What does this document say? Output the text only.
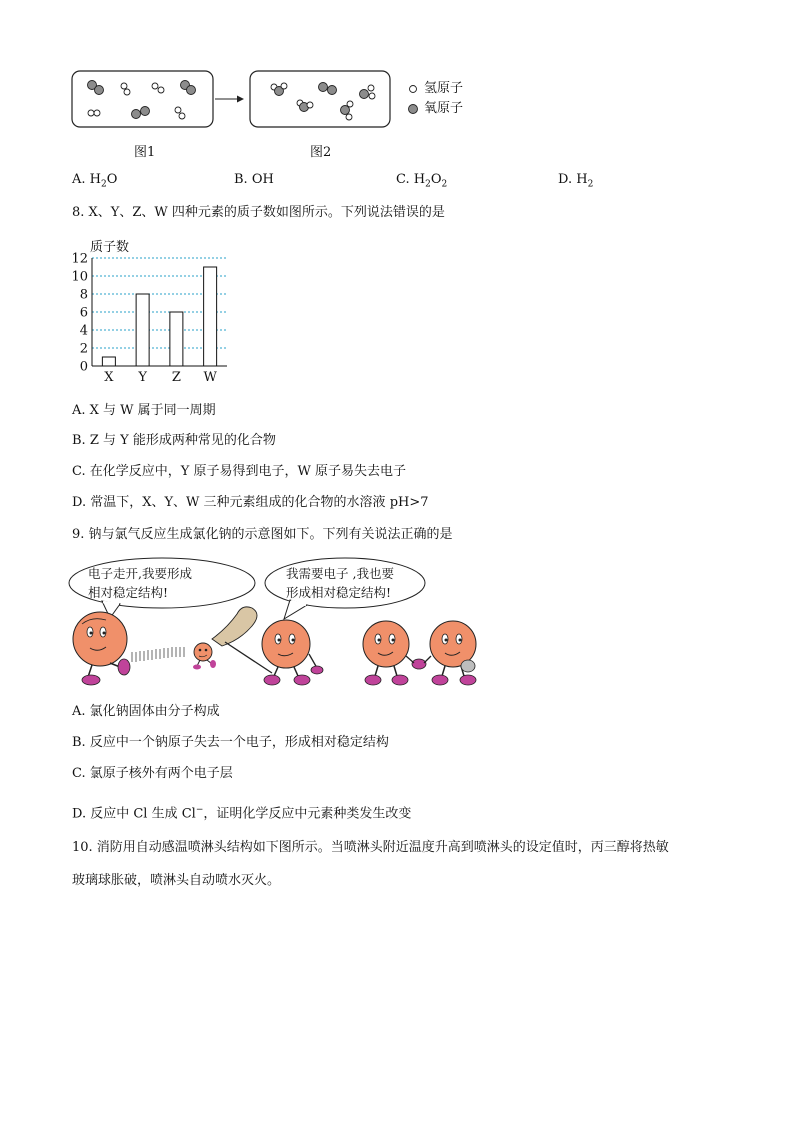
氢原子
氧原子
图1	图2
A. $H_2O$	B. OH	C. $H_2O_2$	D. $H_2$
8. X、Y、Z、W 四种元素的质子数如图所示。下列说法错误的是
质子数
0
2
4
6
8
10
12
X Y Z W
A. X 与 W 属于同一周期
B. Z 与 Y 能形成两种常见的化合物
C. 在化学反应中，Y 原子易得到电子，W 原子易失去电子
D. 常温下，X、Y、W 三种元素组成的化合物的水溶液 pH>7
9. 钠与氯气反应生成氯化钠的示意图如下。下列有关说法正确的是
电子走开,我要形成
相对稳定结构!
我需要电子 ,我也要
形成相对稳定结构!
A. 氯化钠固体由分子构成
B. 反应中一个钠原子失去一个电子，形成相对稳定结构
C. 氯原子核外有两个电子层
D. 反应中 Cl 生成 Cl−，证明化学反应中元素种类发生改变
10. 消防用自动感温喷淋头结构如下图所示。当喷淋头附近温度升高到喷淋头的设定值时，丙三醇将热敏
玻璃球胀破，喷淋头自动喷水灭火。
